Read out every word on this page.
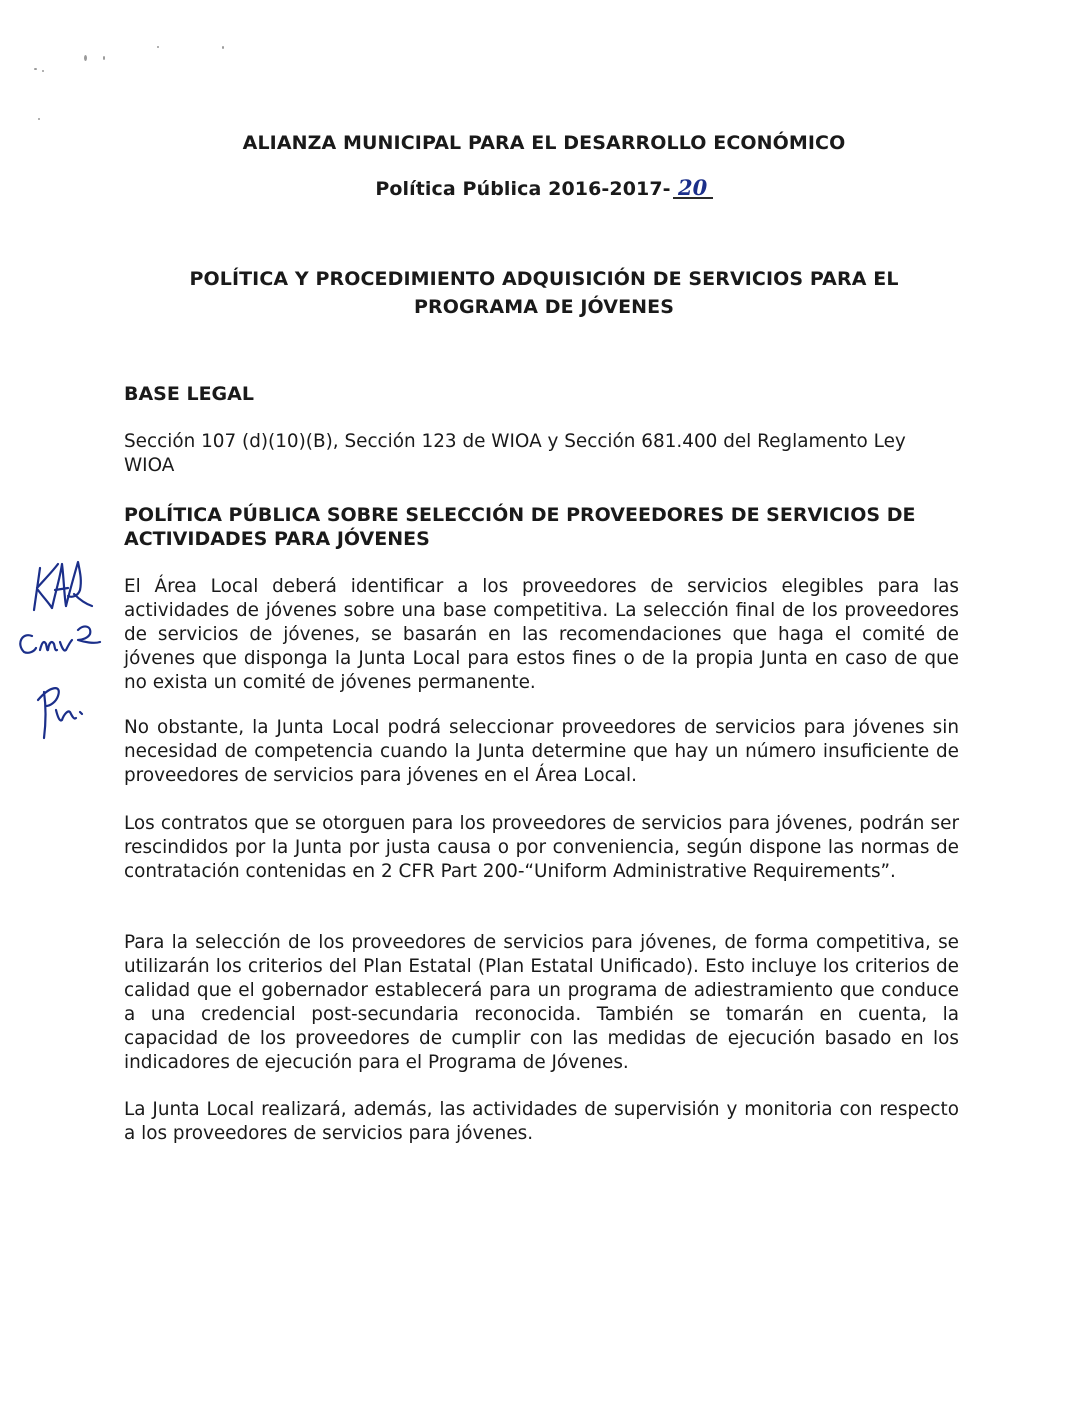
ALIANZA MUNICIPAL PARA EL DESARROLLO ECONÓMICO
Política Pública 2016-2017- 20
POLÍTICA Y PROCEDIMIENTO ADQUISICIÓN DE SERVICIOS PARA EL
PROGRAMA DE JÓVENES

BASE LEGAL

Sección 107 (d)(10)(B), Sección 123 de WIOA y Sección 681.400 del Reglamento Ley WIOA

POLÍTICA PÚBLICA SOBRE SELECCIÓN DE PROVEEDORES DE SERVICIOS DE ACTIVIDADES PARA JÓVENES

El Área Local deberá identificar a los proveedores de servicios elegibles para las actividades de jóvenes sobre una base competitiva. La selección final de los proveedores de servicios de jóvenes, se basarán en las recomendaciones que haga el comité de jóvenes que disponga la Junta Local para estos fines o de la propia Junta en caso de que no exista un comité de jóvenes permanente.

No obstante, la Junta Local podrá seleccionar proveedores de servicios para jóvenes sin necesidad de competencia cuando la Junta determine que hay un número insuficiente de proveedores de servicios para jóvenes en el Área Local.

Los contratos que se otorguen para los proveedores de servicios para jóvenes, podrán ser rescindidos por la Junta por justa causa o por conveniencia, según dispone las normas de contratación contenidas en 2 CFR Part 200-“Uniform Administrative Requirements”.

Para la selección de los proveedores de servicios para jóvenes, de forma competitiva, se utilizarán los criterios del Plan Estatal (Plan Estatal Unificado). Esto incluye los criterios de calidad que el gobernador establecerá para un programa de adiestramiento que conduce a una credencial post-secundaria reconocida. También se tomarán en cuenta, la capacidad de los proveedores de cumplir con las medidas de ejecución basado en los indicadores de ejecución para el Programa de Jóvenes.

La Junta Local realizará, además, las actividades de supervisión y monitoria con respecto a los proveedores de servicios para jóvenes.
